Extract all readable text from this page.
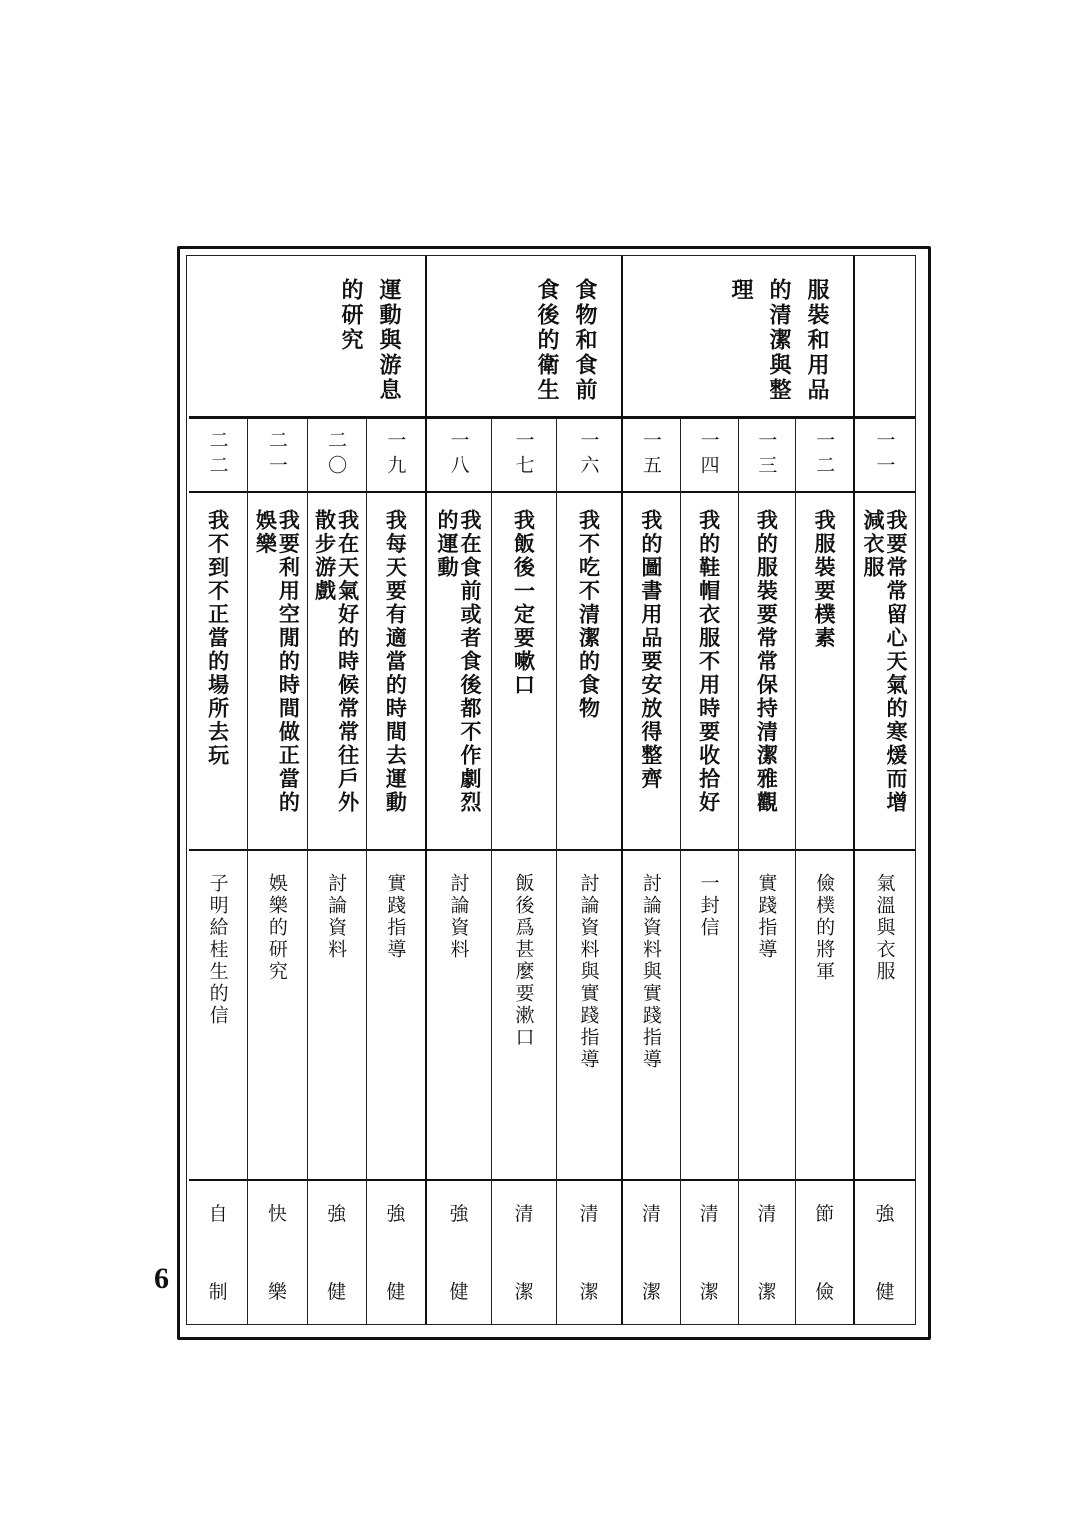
6
一一
我要常常留心天氣的寒煖而增
減衣服
氣溫與衣服
強
健
服裝和用品
的清潔與整
理
一二
我服裝要樸素
儉樸的將軍
節
儉
一三
我的服裝要常常保持清潔雅觀
實踐指導
清
潔
一四
我的鞋帽衣服不用時要收拾好
一封信
清
潔
一五
我的圖書用品要安放得整齊
討論資料與實踐指導
清
潔
食物和食前
食後的衛生
一六
我不吃不清潔的食物
討論資料與實踐指導
清
潔
一七
我飯後一定要嗽口
飯後爲甚麼要漱口
清
潔
一八
我在食前或者食後都不作劇烈
的運動
討論資料
強
健
運動與游息
的研究
一九
我每天要有適當的時間去運動
實踐指導
強
健
二〇
我在天氣好的時候常常往戶外
散步游戲
討論資料
強
健
二一
我要利用空閒的時間做正當的
娛樂
娛樂的研究
快
樂
二二
我不到不正當的場所去玩
子明給桂生的信
自
制
